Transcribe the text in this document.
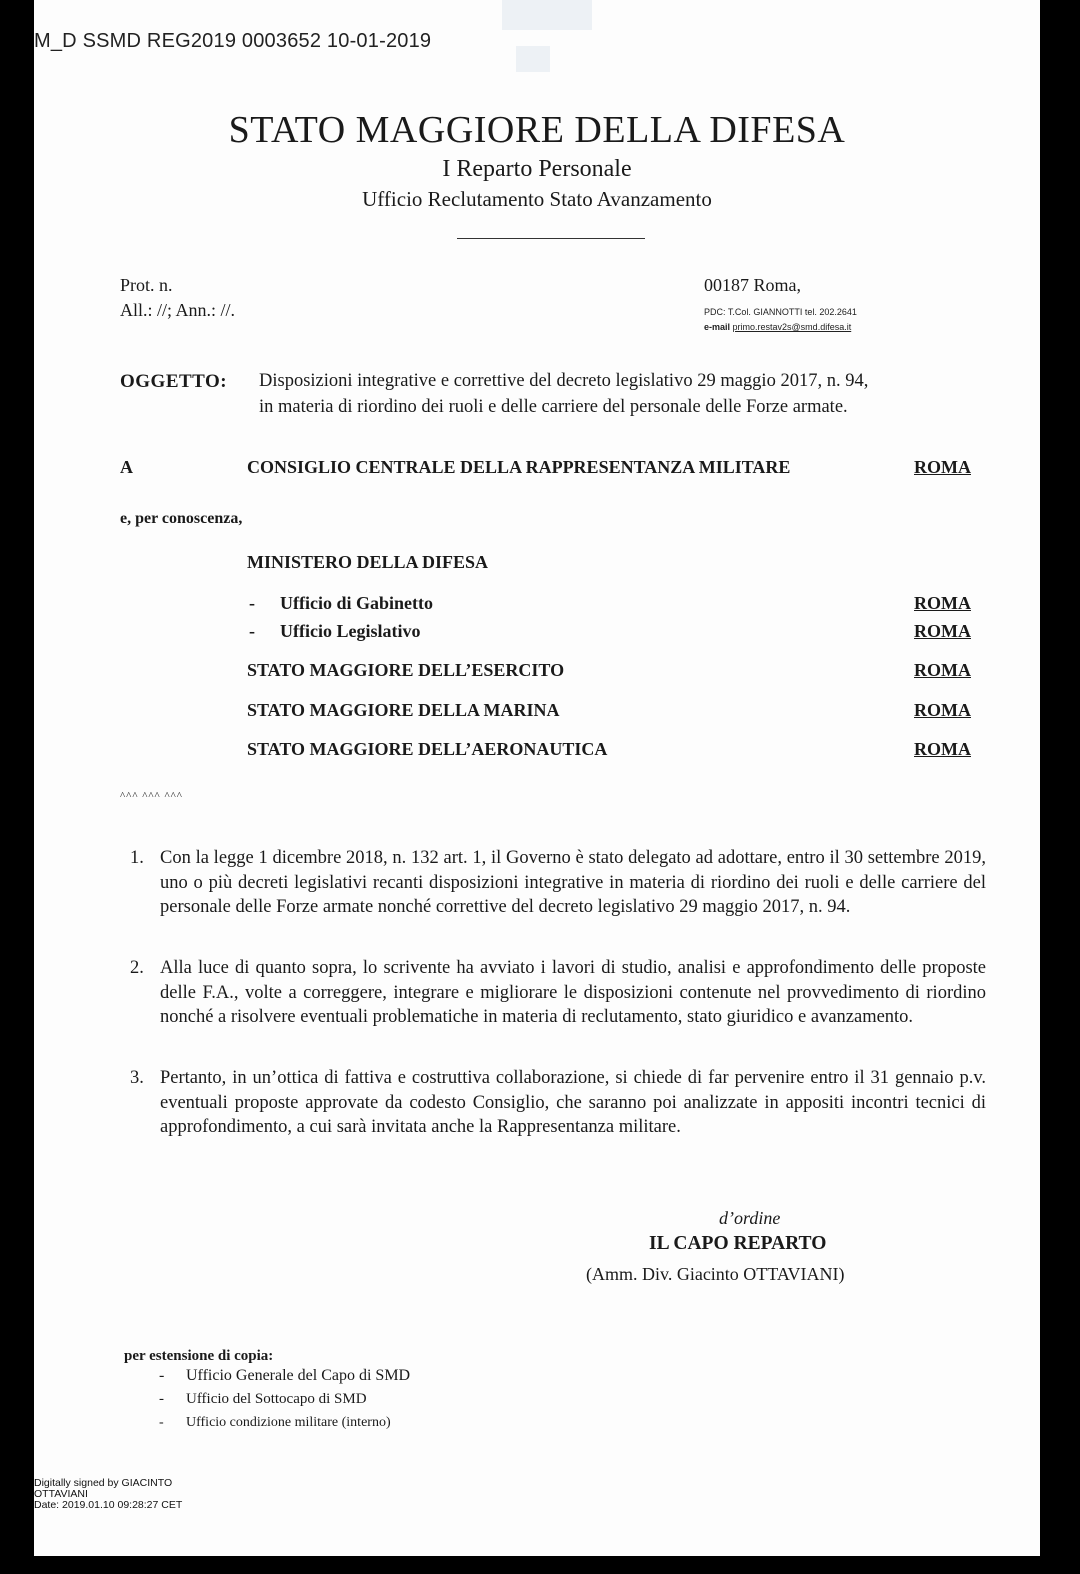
M_D SSMD REG2019 0003652 10-01-2019
STATO MAGGIORE DELLA DIFESA
I Reparto Personale
Ufficio Reclutamento Stato Avanzamento
Prot. n.
All.: //; Ann.: //.
00187 Roma,
PDC: T.Col. GIANNOTTI tel. 202.2641
e-mail primo.restav2s@smd.difesa.it
OGGETTO: Disposizioni integrative e correttive del decreto legislativo 29 maggio 2017, n. 94,
in materia di riordino dei ruoli e delle carriere del personale delle Forze armate.
A	CONSIGLIO CENTRALE DELLA RAPPRESENTANZA MILITARE	ROMA
e, per conoscenza,
MINISTERO DELLA DIFESA
- Ufficio di Gabinetto	ROMA
- Ufficio Legislativo	ROMA
STATO MAGGIORE DELL’ESERCITO	ROMA
STATO MAGGIORE DELLA MARINA	ROMA
STATO MAGGIORE DELL’AERONAUTICA	ROMA
^^^ ^^^ ^^^
1. Con la legge 1 dicembre 2018, n. 132 art. 1, il Governo è stato delegato ad adottare, entro il 30 settembre 2019, uno o più decreti legislativi recanti disposizioni integrative in materia di riordino dei ruoli e delle carriere del personale delle Forze armate nonché correttive del decreto legislativo 29 maggio 2017, n. 94.
2. Alla luce di quanto sopra, lo scrivente ha avviato i lavori di studio, analisi e approfondimento delle proposte delle F.A., volte a correggere, integrare e migliorare le disposizioni contenute nel provvedimento di riordino nonché a risolvere eventuali problematiche in materia di reclutamento, stato giuridico e avanzamento.
3. Pertanto, in un’ottica di fattiva e costruttiva collaborazione, si chiede di far pervenire entro il 31 gennaio p.v. eventuali proposte approvate da codesto Consiglio, che saranno poi analizzate in appositi incontri tecnici di approfondimento, a cui sarà invitata anche la Rappresentanza militare.
d’ordine
IL CAPO REPARTO
(Amm. Div. Giacinto OTTAVIANI)
per estensione di copia:
- Ufficio Generale del Capo di SMD
- Ufficio del Sottocapo di SMD
- Ufficio condizione militare (interno)
Digitally signed by GIACINTO
OTTAVIANI
Date: 2019.01.10 09:28:27 CET
